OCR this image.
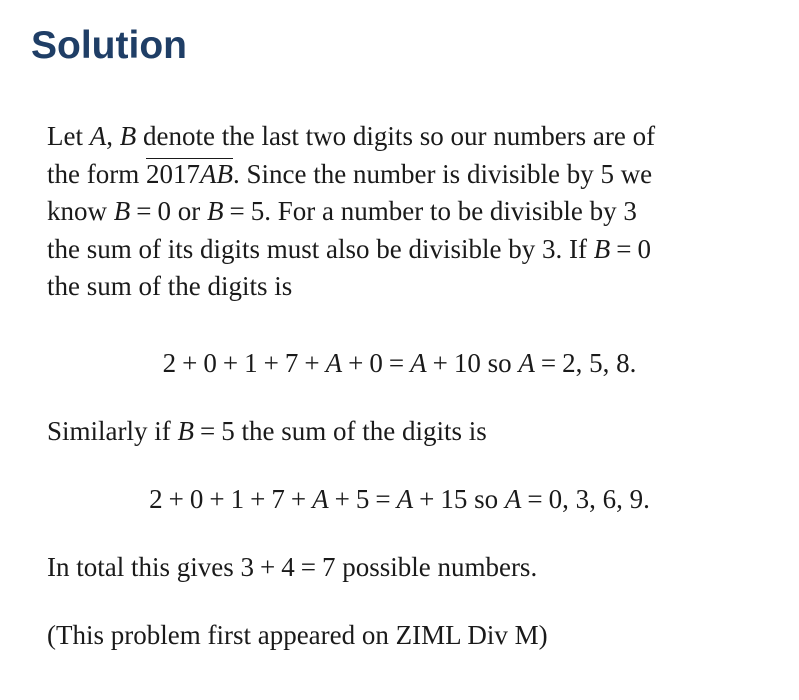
Solution

Let A, B denote the last two digits so our numbers are of
the form 2017AB. Since the number is divisible by 5 we
know B = 0 or B = 5. For a number to be divisible by 3
the sum of its digits must also be divisible by 3. If B = 0
the sum of the digits is

2 + 0 + 1 + 7 + A + 0 = A + 10 so A = 2, 5, 8.

Similarly if B = 5 the sum of the digits is

2 + 0 + 1 + 7 + A + 5 = A + 15 so A = 0, 3, 6, 9.

In total this gives 3 + 4 = 7 possible numbers.

(This problem first appeared on ZIML Div M)
